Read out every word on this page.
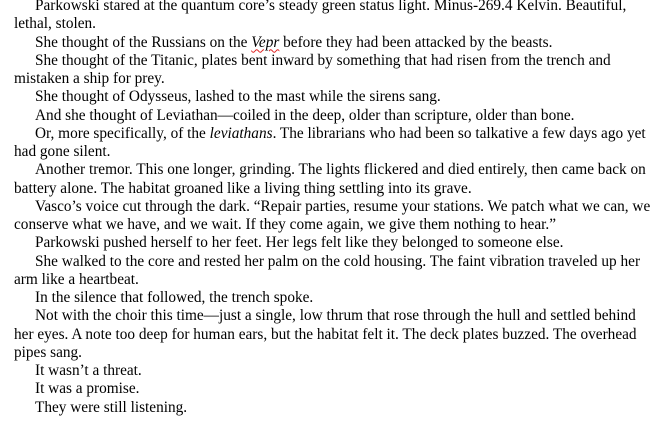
Parkowski stared at the quantum core’s steady green status light. Minus-269.4 Kelvin. Beautiful, lethal, stolen.

She thought of the Russians on the Vepr before they had been attacked by the beasts.

She thought of the Titanic, plates bent inward by something that had risen from the trench and mistaken a ship for prey.

She thought of Odysseus, lashed to the mast while the sirens sang.

And she thought of Leviathan—coiled in the deep, older than scripture, older than bone.

Or, more specifically, of the leviathans. The librarians who had been so talkative a few days ago yet had gone silent.

Another tremor. This one longer, grinding. The lights flickered and died entirely, then came back on battery alone. The habitat groaned like a living thing settling into its grave.

Vasco’s voice cut through the dark. “Repair parties, resume your stations. We patch what we can, we conserve what we have, and we wait. If they come again, we give them nothing to hear.”

Parkowski pushed herself to her feet. Her legs felt like they belonged to someone else.

She walked to the core and rested her palm on the cold housing. The faint vibration traveled up her arm like a heartbeat.

In the silence that followed, the trench spoke.

Not with the choir this time—just a single, low thrum that rose through the hull and settled behind her eyes. A note too deep for human ears, but the habitat felt it. The deck plates buzzed. The overhead pipes sang.

It wasn’t a threat.

It was a promise.

They were still listening.
